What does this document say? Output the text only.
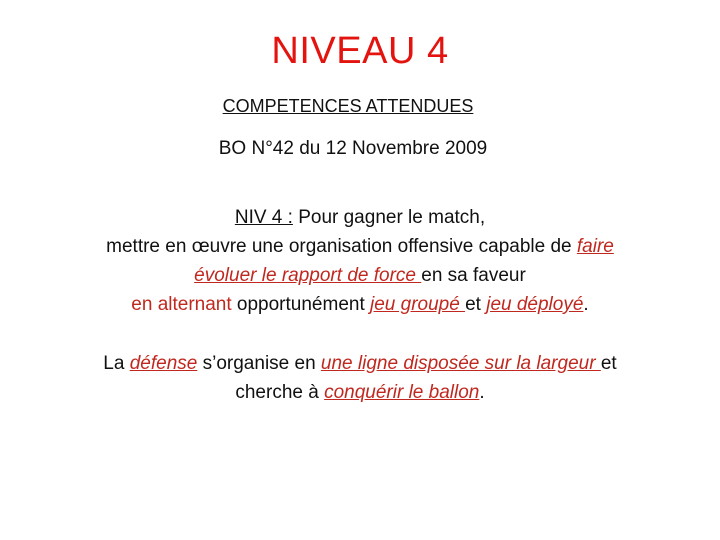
NIVEAU 4
COMPETENCES ATTENDUES
BO N°42 du 12 Novembre 2009
NIV 4 : Pour gagner le match,
mettre en œuvre une organisation offensive capable de faire
évoluer le rapport de force en sa faveur
en alternant opportunément jeu groupé et jeu déployé.
La défense s’organise en une ligne disposée sur la largeur et
cherche à conquérir le ballon.
